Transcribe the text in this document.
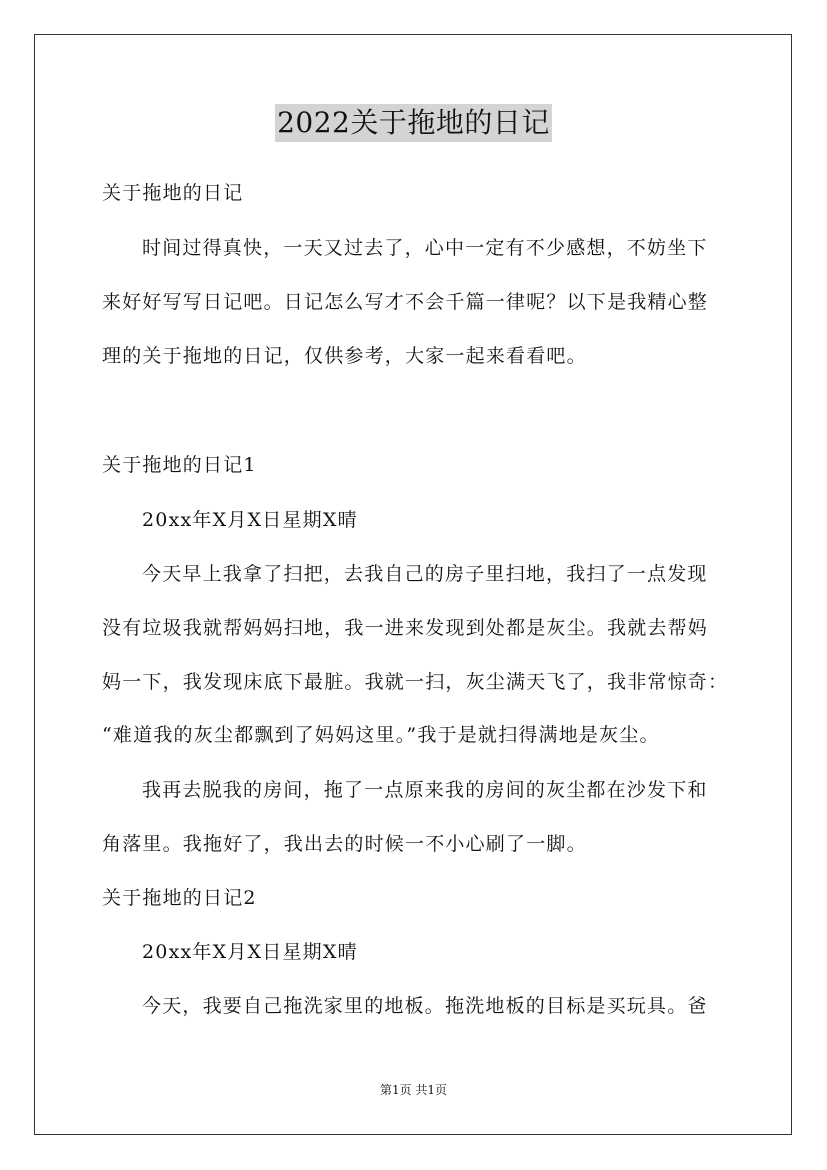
2022关于拖地的日记
关于拖地的日记
时间过得真快，一天又过去了，心中一定有不少感想，不妨坐下
来好好写写日记吧。日记怎么写才不会千篇一律呢？以下是我精心整
理的关于拖地的日记，仅供参考，大家一起来看看吧。
关于拖地的日记1
20xx年X月X日星期X晴
今天早上我拿了扫把，去我自己的房子里扫地，我扫了一点发现
没有垃圾我就帮妈妈扫地，我一进来发现到处都是灰尘。我就去帮妈
妈一下，我发现床底下最脏。我就一扫，灰尘满天飞了，我非常惊奇：
“难道我的灰尘都飘到了妈妈这里。”我于是就扫得满地是灰尘。
我再去脱我的房间，拖了一点原来我的房间的灰尘都在沙发下和
角落里。我拖好了，我出去的时候一不小心刷了一脚。
关于拖地的日记2
20xx年X月X日星期X晴
今天，我要自己拖洗家里的地板。拖洗地板的目标是买玩具。爸
第1页 共1页
